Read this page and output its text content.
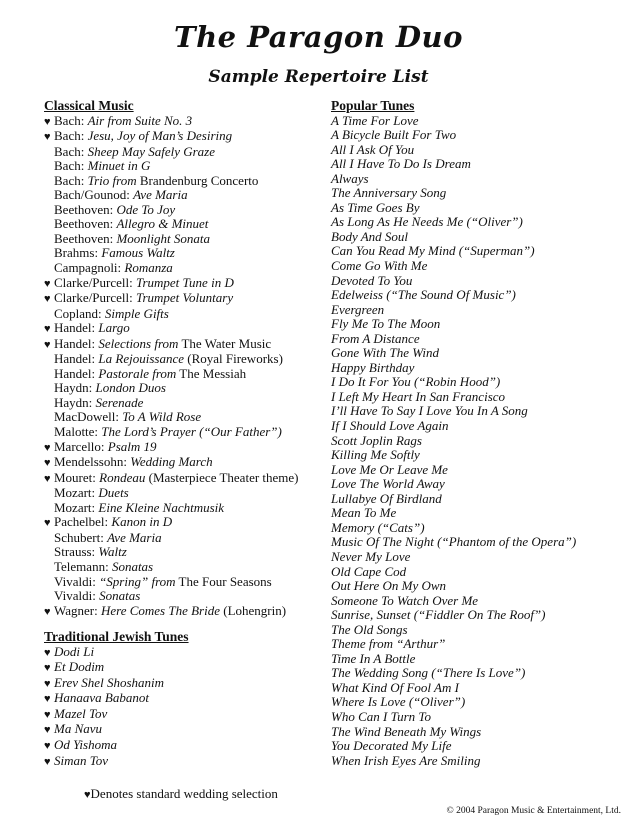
The Paragon Duo
Sample Repertoire List
Classical Music
♥ Bach: Air from Suite No. 3
♥ Bach: Jesu, Joy of Man’s Desiring
Bach: Sheep May Safely Graze
Bach: Minuet in G
Bach: Trio from Brandenburg Concerto
Bach/Gounod: Ave Maria
Beethoven: Ode To Joy
Beethoven: Allegro & Minuet
Beethoven: Moonlight Sonata
Brahms: Famous Waltz
Campagnoli: Romanza
♥ Clarke/Purcell: Trumpet Tune in D
♥ Clarke/Purcell: Trumpet Voluntary
Copland: Simple Gifts
♥ Handel: Largo
♥ Handel: Selections from The Water Music
Handel: La Rejouissance (Royal Fireworks)
Handel: Pastorale from The Messiah
Haydn: London Duos
Haydn: Serenade
MacDowell: To A Wild Rose
Malotte: The Lord’s Prayer (“Our Father”)
♥ Marcello: Psalm 19
♥ Mendelssohn: Wedding March
♥ Mouret: Rondeau (Masterpiece Theater theme)
Mozart: Duets
Mozart: Eine Kleine Nachtmusik
♥ Pachelbel: Kanon in D
Schubert: Ave Maria
Strauss: Waltz
Telemann: Sonatas
Vivaldi: “Spring” from The Four Seasons
Vivaldi: Sonatas
♥ Wagner: Here Comes The Bride (Lohengrin)
Traditional Jewish Tunes
♥ Dodi Li
♥ Et Dodim
♥ Erev Shel Shoshanim
♥ Hanaava Babanot
♥ Mazel Tov
♥ Ma Navu
♥ Od Yishoma
♥ Siman Tov
Popular Tunes
A Time For Love
A Bicycle Built For Two
All I Ask Of You
All I Have To Do Is Dream
Always
The Anniversary Song
As Time Goes By
As Long As He Needs Me (“Oliver”)
Body And Soul
Can You Read My Mind (“Superman”)
Come Go With Me
Devoted To You
Edelweiss (“The Sound Of Music”)
Evergreen
Fly Me To The Moon
From A Distance
Gone With The Wind
Happy Birthday
I Do It For You (“Robin Hood”)
I Left My Heart In San Francisco
I’ll Have To Say I Love You In A Song
If I Should Love Again
Scott Joplin Rags
Killing Me Softly
Love Me Or Leave Me
Love The World Away
Lullabye Of Birdland
Mean To Me
Memory (“Cats”)
Music Of The Night (“Phantom of the Opera”)
Never My Love
Old Cape Cod
Out Here On My Own
Someone To Watch Over Me
Sunrise, Sunset (“Fiddler On The Roof”)
The Old Songs
Theme from “Arthur”
Time In A Bottle
The Wedding Song (“There Is Love”)
What Kind Of Fool Am I
Where Is Love (“Oliver”)
Who Can I Turn To
The Wind Beneath My Wings
You Decorated My Life
When Irish Eyes Are Smiling
♥Denotes standard wedding selection
© 2004 Paragon Music & Entertainment, Ltd.
